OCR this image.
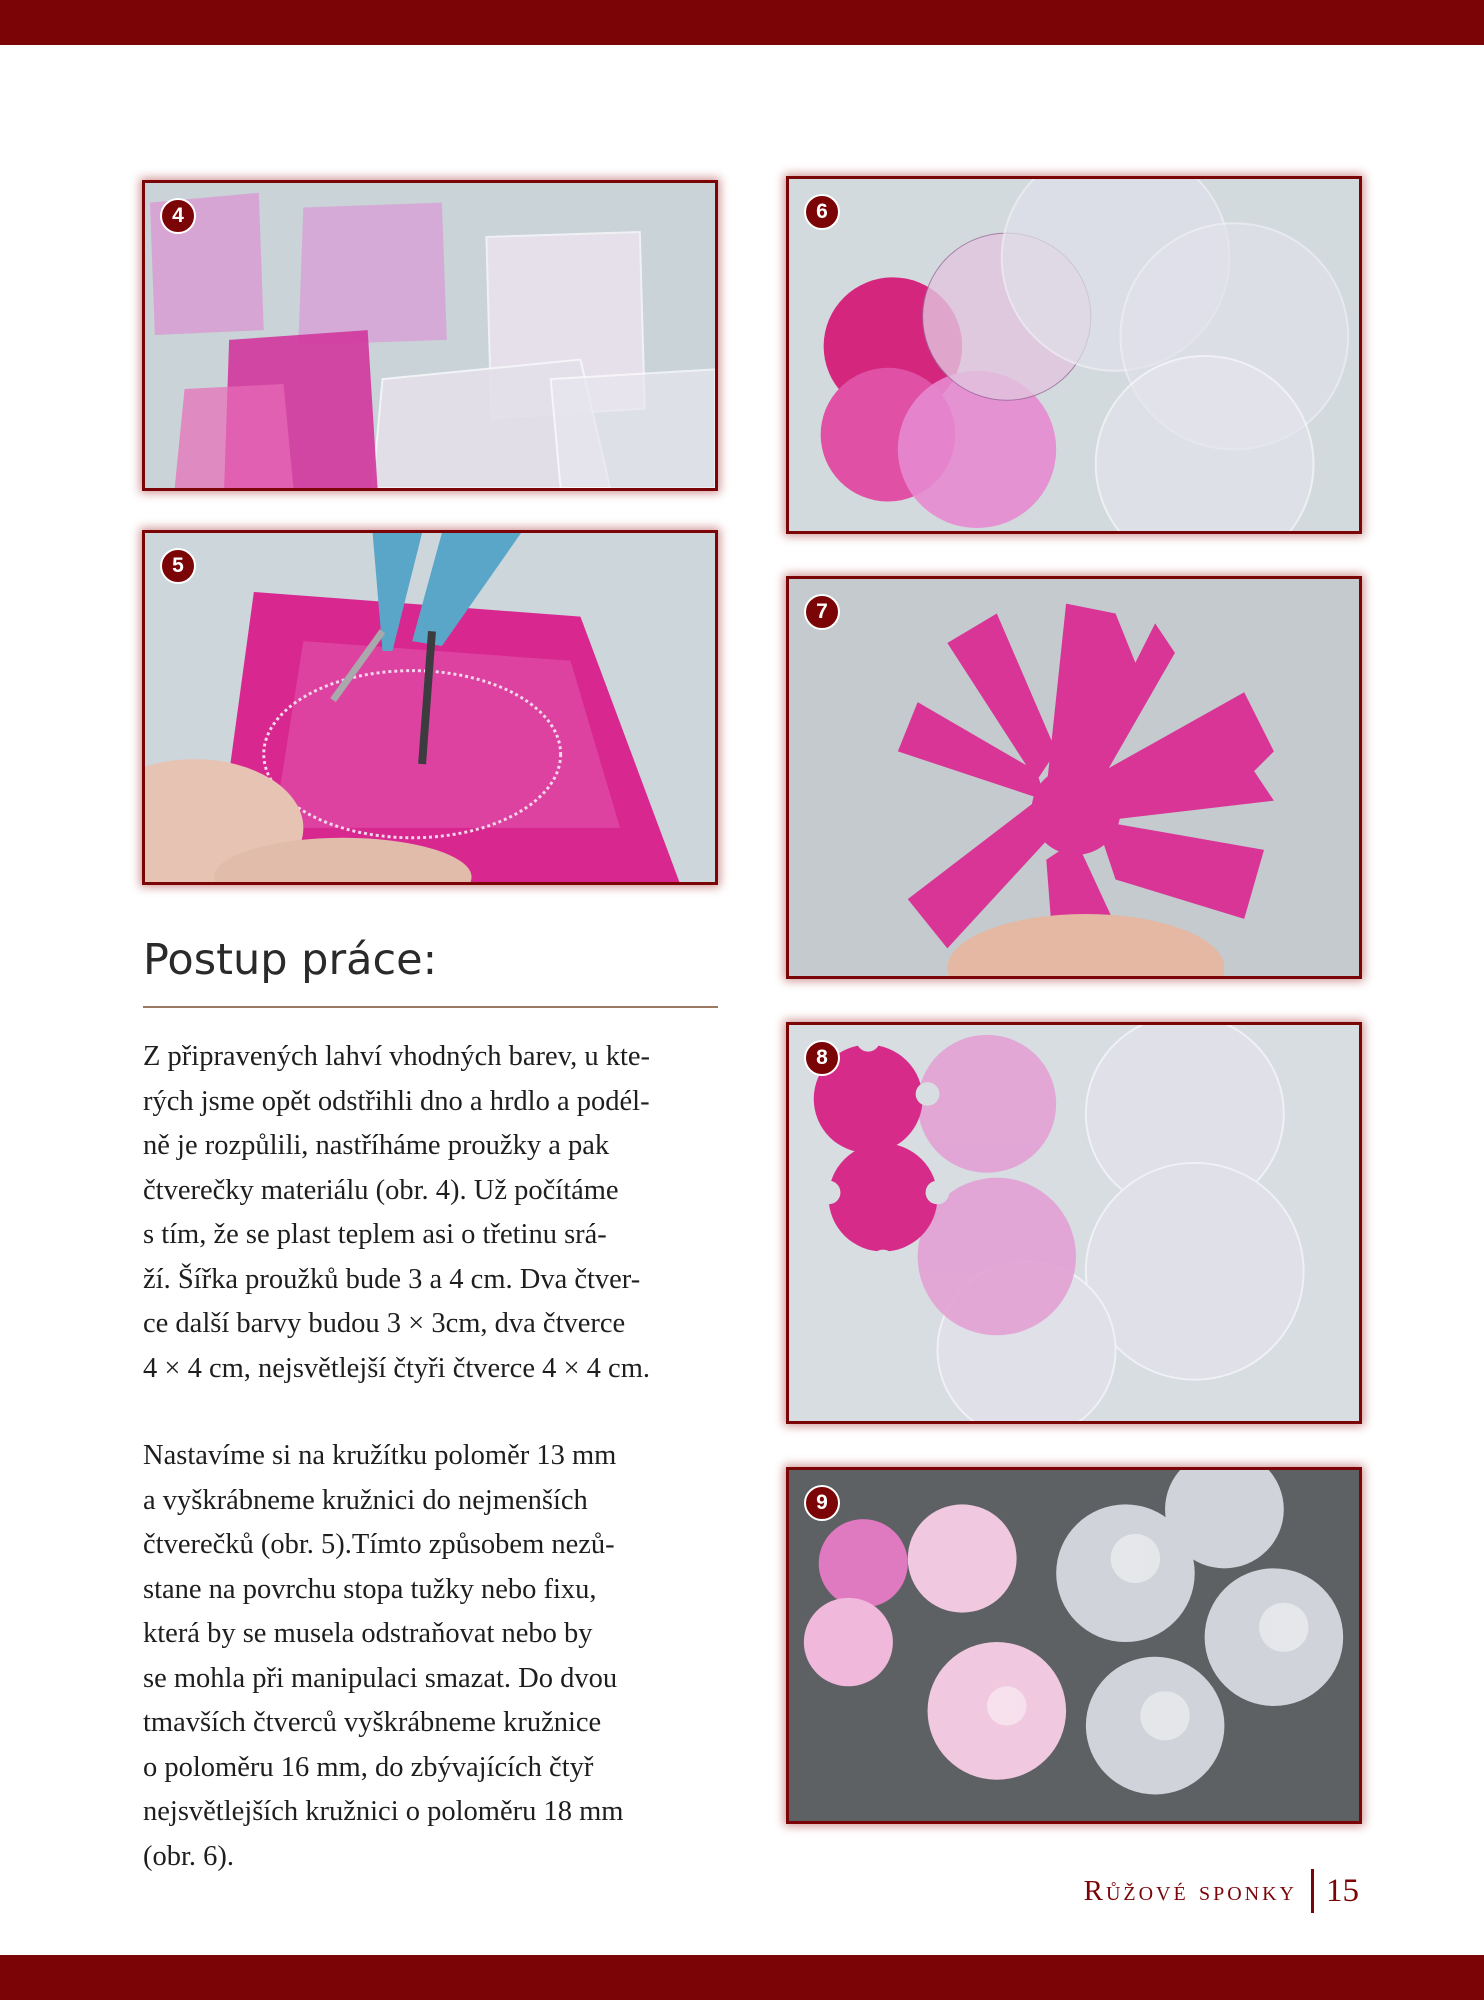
4
5
6
7
8
9
Postup práce:

Z připravených lahví vhodných barev, u kte-
rých jsme opět odstřihli dno a hrdlo a podél-
ně je rozpůlili, nastříháme proužky a pak
čtverečky materiálu (obr. 4). Už počítáme
s tím, že se plast teplem asi o třetinu srá-
ží. Šířka proužků bude 3 a 4 cm. Dva čtver-
ce další barvy budou 3 × 3cm, dva čtverce
4 × 4 cm, nejsvětlejší čtyři čtverce 4 × 4 cm.

Nastavíme si na kružítku poloměr 13 mm
a vyškrábneme kružnici do nejmenších
čtverečků (obr. 5).Tímto způsobem nezů-
stane na povrchu stopa tužky nebo fixu,
která by se musela odstraňovat nebo by
se mohla při manipulaci smazat. Do dvou
tmavších čtverců vyškrábneme kružnice
o poloměru 16 mm, do zbývajících čtyř
nejsvětlejších kružnici o poloměru 18 mm
(obr. 6).

Růžové sponky 15
